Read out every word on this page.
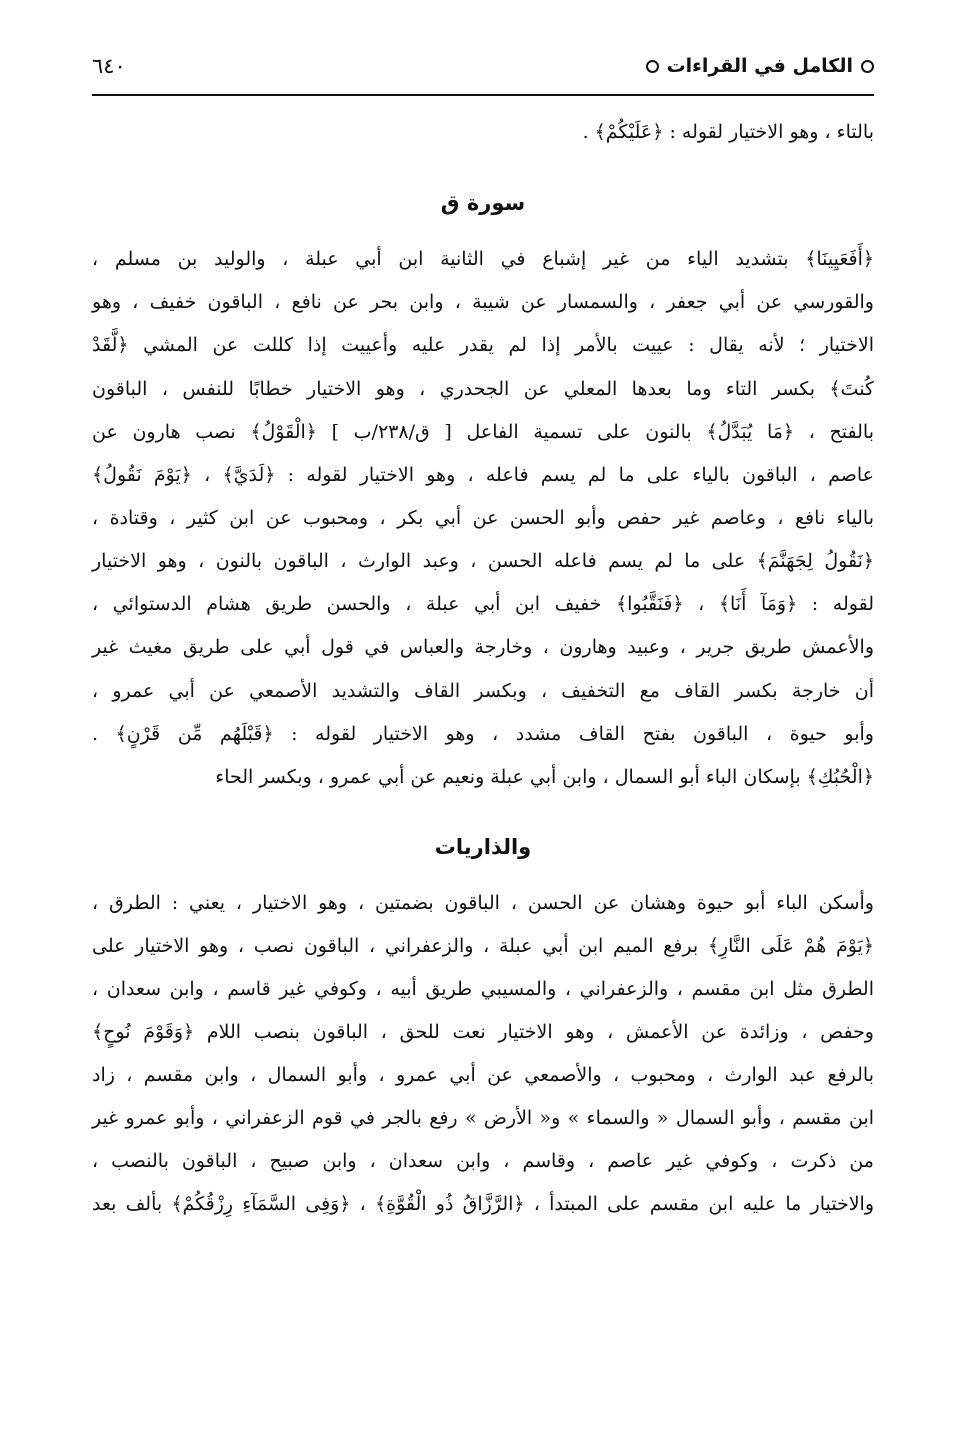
الكامل في القراءات
٦٤٠
بالتاء ، وهو الاختيار لقوله : ﴿عَلَيْكُمْ﴾ .
سورة ق
﴿أَفَعَيِينَا﴾ بتشديد الياء من غير إشباع في الثانية ابن أبي عبلة ، والوليد بن مسلم ،
والقورسي عن أبي جعفر ، والسمسار عن شيبة ، وابن بحر عن نافع ، الباقون خفيف ، وهو
الاختيار ؛ لأنه يقال : عييت بالأمر إذا لم يقدر عليه وأعييت إذا كللت عن المشي ﴿لَّقَدْ
كُنتَ﴾ بكسر التاء وما بعدها المعلي عن الجحدري ، وهو الاختيار خطابًا للنفس ، الباقون
بالفتح ، ﴿مَا يُبَدَّلُ﴾ بالنون على تسمية الفاعل [ ق/٢٣٨/ب ] ﴿الْقَوْلُ﴾ نصب هارون عن
عاصم ، الباقون بالياء على ما لم يسم فاعله ، وهو الاختيار لقوله : ﴿لَدَيَّ﴾ ، ﴿يَوْمَ نَقُولُ﴾
بالياء نافع ، وعاصم غير حفص وأبو الحسن عن أبي بكر ، ومحبوب عن ابن كثير ، وقتادة ،
﴿نَقُولُ لِجَهَنَّمَ﴾ على ما لم يسم فاعله الحسن ، وعبد الوارث ، الباقون بالنون ، وهو الاختيار
لقوله : ﴿وَمَآ أَنَا﴾ ، ﴿فَنَقَّبُوا﴾ خفيف ابن أبي عبلة ، والحسن طريق هشام الدستوائي ،
والأعمش طريق جرير ، وعبيد وهارون ، وخارجة والعباس في قول أبي على طريق مغيث غير
أن خارجة بكسر القاف مع التخفيف ، وبكسر القاف والتشديد الأصمعي عن أبي عمرو ،
وأبو حيوة ، الباقون بفتح القاف مشدد ، وهو الاختيار لقوله : ﴿قَبْلَهُم مِّن قَرْنٍ﴾ .
﴿الْحُبُكِ﴾ بإسكان الباء أبو السمال ، وابن أبي عبلة ونعيم عن أبي عمرو ، وبكسر الحاء
والذاريات
وأسكن الباء أبو حيوة وهشان عن الحسن ، الباقون بضمتين ، وهو الاختيار ، يعني : الطرق ،
﴿يَوْمَ هُمْ عَلَى النَّارِ﴾ برفع الميم ابن أبي عبلة ، والزعفراني ، الباقون نصب ، وهو الاختيار على
الطرق مثل ابن مقسم ، والزعفراني ، والمسيبي طريق أبيه ، وكوفي غير قاسم ، وابن سعدان ،
وحفص ، وزائدة عن الأعمش ، وهو الاختيار نعت للحق ، الباقون بنصب اللام ﴿وَقَوْمَ نُوحٍ﴾
بالرفع عبد الوارث ، ومحبوب ، والأصمعي عن أبي عمرو ، وأبو السمال ، وابن مقسم ، زاد
ابن مقسم ، وأبو السمال « والسماء » و« الأرض » رفع بالجر في قوم الزعفراني ، وأبو عمرو غير
من ذكرت ، وكوفي غير عاصم ، وقاسم ، وابن سعدان ، وابن صبيح ، الباقون بالنصب ،
والاختيار ما عليه ابن مقسم على المبتدأ ، ﴿الرَّزَّاقُ ذُو الْقُوَّةِ﴾ ، ﴿وَفِى السَّمَآءِ رِزْقُكُمْ﴾ بألف بعد
